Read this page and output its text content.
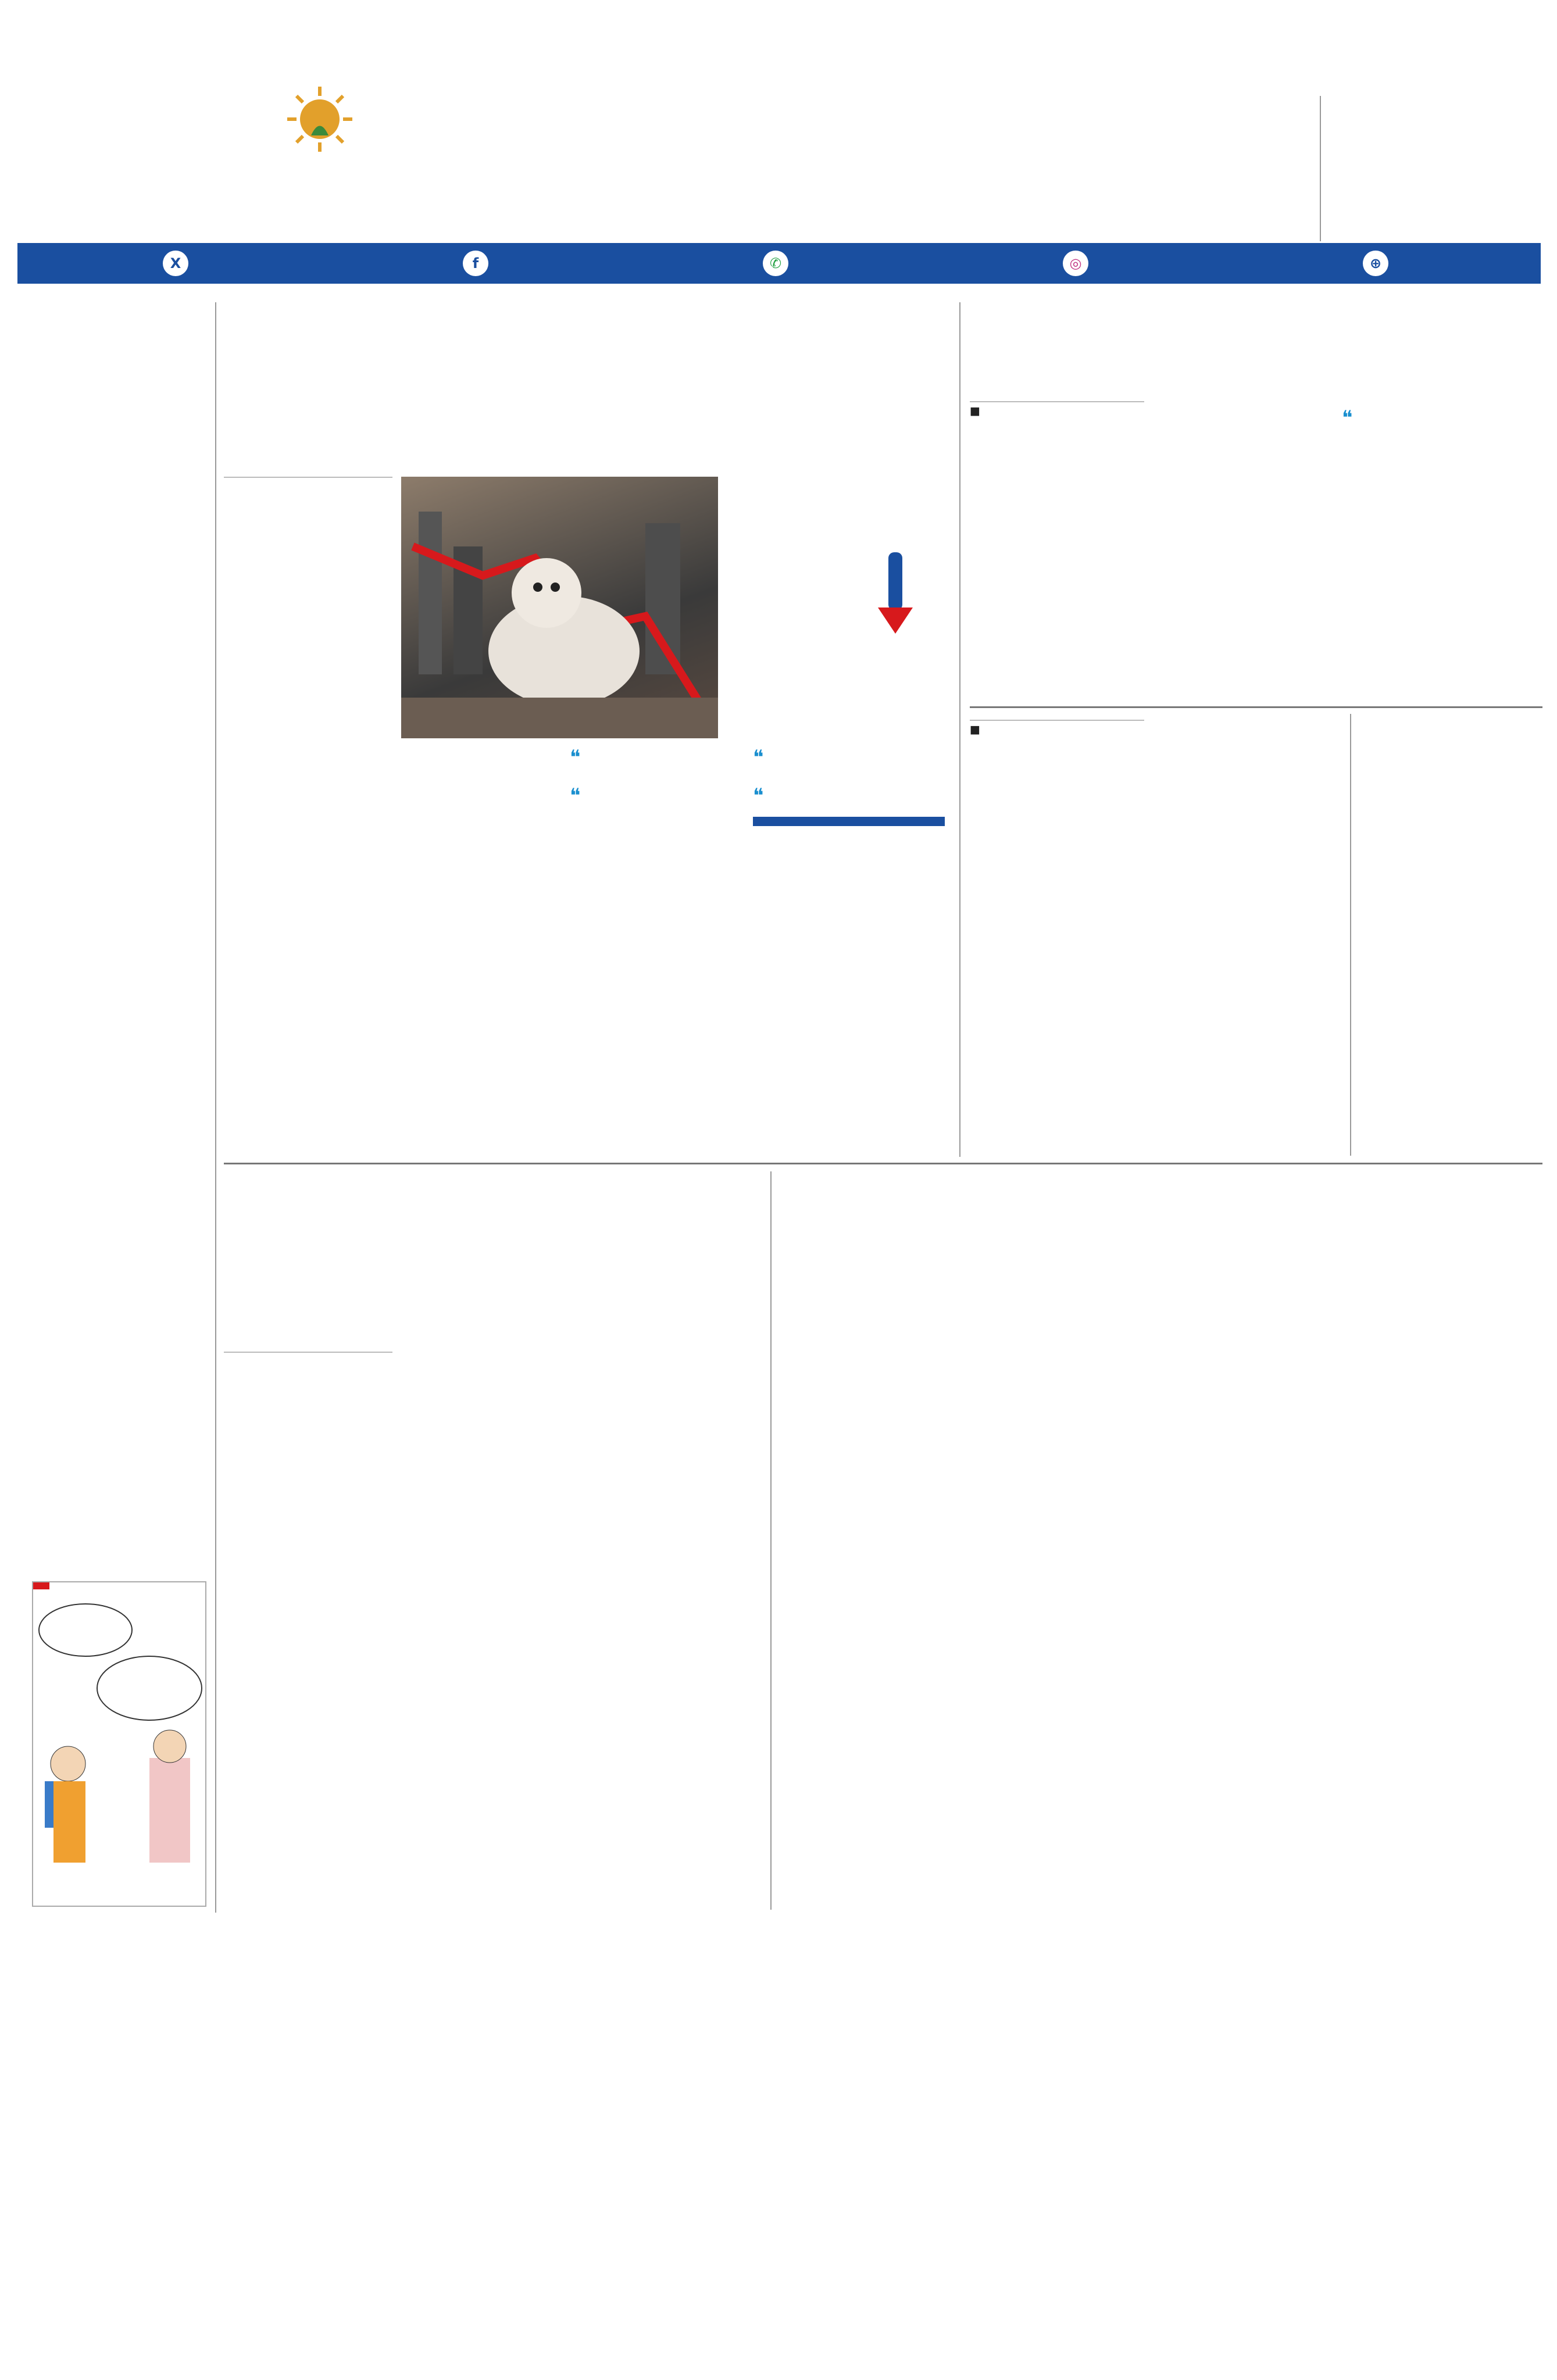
X	f	✆	◎	⊕
❝
❝
❝
❝
■
❝
■
